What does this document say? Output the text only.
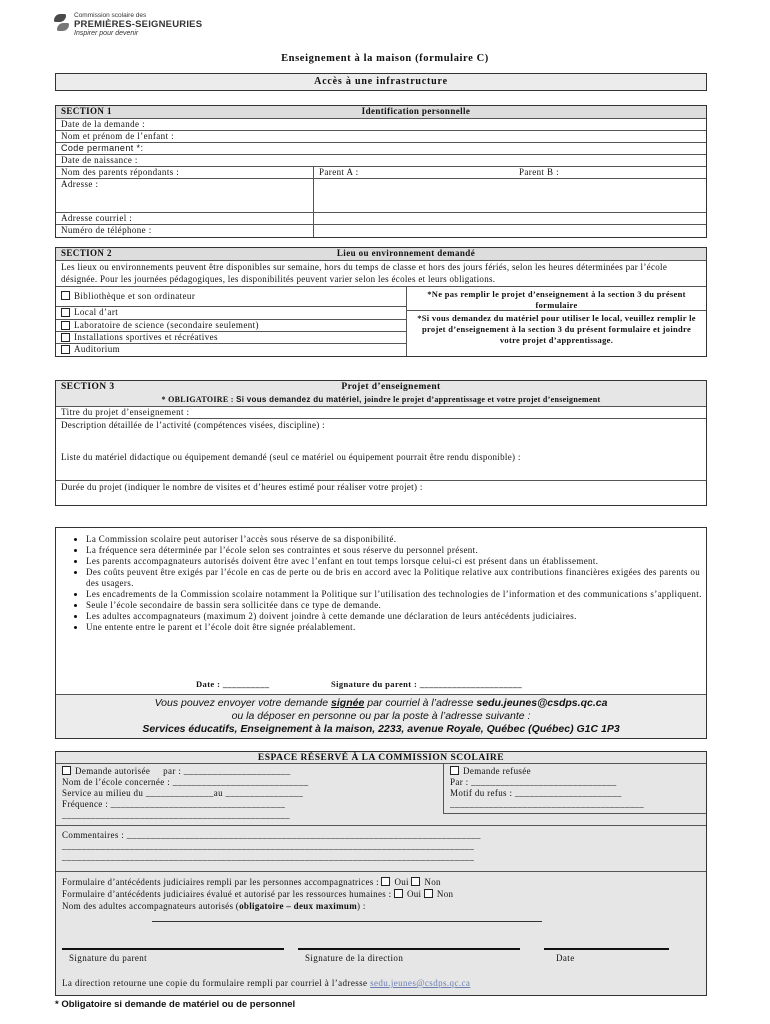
Commission scolaire des
PREMIÈRES-SEIGNEURIES
Inspirer pour devenir
Enseignement à la maison (formulaire C)
Accès à une infrastructure
SECTION 1	Identification personnelle
Date de la demande :
Nom et prénom de l’enfant :
Code permanent *:
Date de naissance :
Nom des parents répondants :	Parent A :	Parent B :
Adresse :
Adresse courriel :
Numéro de téléphone :
SECTION 2	Lieu ou environnement demandé
Les lieux ou environnements peuvent être disponibles sur semaine, hors du temps de classe et hors des jours fériés, selon les heures déterminées par l’école désignée. Pour les journées pédagogiques, les disponibilités peuvent varier selon les écoles et leurs obligations.
Bibliothèque et son ordinateur
Local d’art
Laboratoire de science (secondaire seulement)
Installations sportives et récréatives
Auditorium
*Ne pas remplir le projet d’enseignement à la section 3 du présent formulaire
*Si vous demandez du matériel pour utiliser le local, veuillez remplir le projet d’enseignement à la section 3 du présent formulaire et joindre votre projet d’apprentissage.
SECTION 3	Projet d’enseignement
* OBLIGATOIRE : Si vous demandez du matériel, joindre le projet d’apprentissage et votre projet d’enseignement
Titre du projet d’enseignement :
Description détaillée de l’activité (compétences visées, discipline) :
Liste du matériel didactique ou équipement demandé (seul ce matériel ou équipement pourrait être rendu disponible) :
Durée du projet (indiquer le nombre de visites et d’heures estimé pour réaliser votre projet) :
• La Commission scolaire peut autoriser l’accès sous réserve de sa disponibilité.
• La fréquence sera déterminée par l’école selon ses contraintes et sous réserve du personnel présent.
• Les parents accompagnateurs autorisés doivent être avec l’enfant en tout temps lorsque celui-ci est présent dans un établissement.
• Des coûts peuvent être exigés par l’école en cas de perte ou de bris en accord avec la Politique relative aux contributions financières exigées des parents ou des usagers.
• Les encadrements de la Commission scolaire notamment la Politique sur l’utilisation des technologies de l’information et des communications s’appliquent.
• Seule l’école secondaire de bassin sera sollicitée dans ce type de demande.
• Les adultes accompagnateurs (maximum 2) doivent joindre à cette demande une déclaration de leurs antécédents judiciaires.
• Une entente entre le parent et l’école doit être signée préalablement.
Date : __________	Signature du parent : ______________________
Vous pouvez envoyer votre demande signée par courriel à l’adresse sedu.jeunes@csdps.qc.ca
ou la déposer en personne ou par la poste à l’adresse suivante :
Services éducatifs, Enseignement à la maison, 2233, avenue Royale, Québec (Québec) G1C 1P3
ESPACE RÉSERVÉ À LA COMMISSION SCOLAIRE
Demande autorisée par : ______________________
Nom de l’école concernée : ____________________________
Service au milieu du ______________au ________________
Fréquence : ____________________________________
_______________________________________________
Demande refusée
Par : ______________________________
Motif du refus : ______________________
________________________________________
Commentaires : _________________________________________________________________________
_____________________________________________________________________________________
_____________________________________________________________________________________
Formulaire d’antécédents judiciaires rempli par les personnes accompagnatrices : Oui Non
Formulaire d’antécédents judiciaires évalué et autorisé par les ressources humaines : Oui Non
Nom des adultes accompagnateurs autorisés (obligatoire – deux maximum) :
Signature du parent	Signature de la direction	Date
La direction retourne une copie du formulaire rempli par courriel à l’adresse sedu.jeunes@csdps.qc.ca
* Obligatoire si demande de matériel ou de personnel
